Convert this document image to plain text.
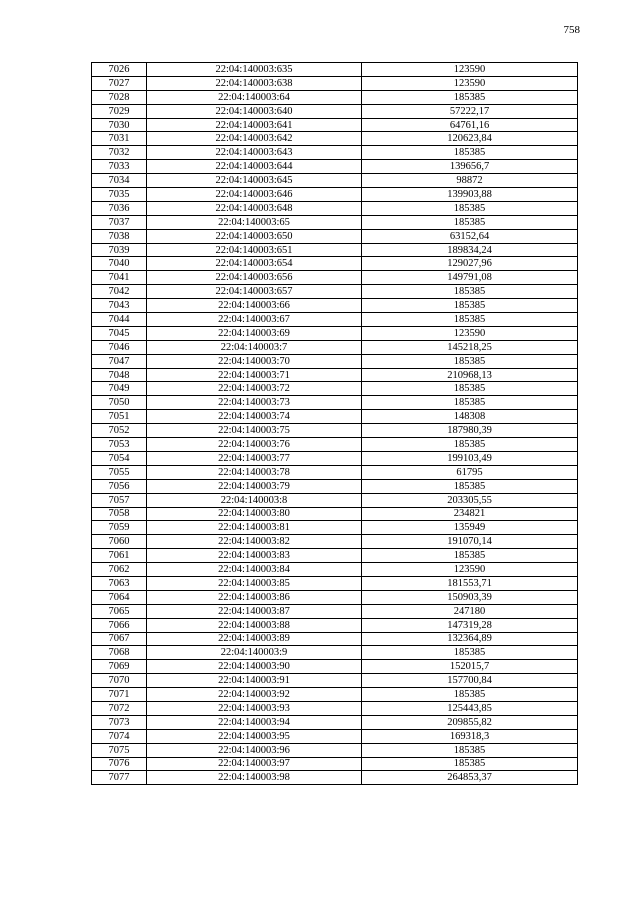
758
7026	22:04:140003:635	123590
7027	22:04:140003:638	123590
7028	22:04:140003:64	185385
7029	22:04:140003:640	57222,17
7030	22:04:140003:641	64761,16
7031	22:04:140003:642	120623,84
7032	22:04:140003:643	185385
7033	22:04:140003:644	139656,7
7034	22:04:140003:645	98872
7035	22:04:140003:646	139903,88
7036	22:04:140003:648	185385
7037	22:04:140003:65	185385
7038	22:04:140003:650	63152,64
7039	22:04:140003:651	189834,24
7040	22:04:140003:654	129027,96
7041	22:04:140003:656	149791,08
7042	22:04:140003:657	185385
7043	22:04:140003:66	185385
7044	22:04:140003:67	185385
7045	22:04:140003:69	123590
7046	22:04:140003:7	145218,25
7047	22:04:140003:70	185385
7048	22:04:140003:71	210968,13
7049	22:04:140003:72	185385
7050	22:04:140003:73	185385
7051	22:04:140003:74	148308
7052	22:04:140003:75	187980,39
7053	22:04:140003:76	185385
7054	22:04:140003:77	199103,49
7055	22:04:140003:78	61795
7056	22:04:140003:79	185385
7057	22:04:140003:8	203305,55
7058	22:04:140003:80	234821
7059	22:04:140003:81	135949
7060	22:04:140003:82	191070,14
7061	22:04:140003:83	185385
7062	22:04:140003:84	123590
7063	22:04:140003:85	181553,71
7064	22:04:140003:86	150903,39
7065	22:04:140003:87	247180
7066	22:04:140003:88	147319,28
7067	22:04:140003:89	132364,89
7068	22:04:140003:9	185385
7069	22:04:140003:90	152015,7
7070	22:04:140003:91	157700,84
7071	22:04:140003:92	185385
7072	22:04:140003:93	125443,85
7073	22:04:140003:94	209855,82
7074	22:04:140003:95	169318,3
7075	22:04:140003:96	185385
7076	22:04:140003:97	185385
7077	22:04:140003:98	264853,37
